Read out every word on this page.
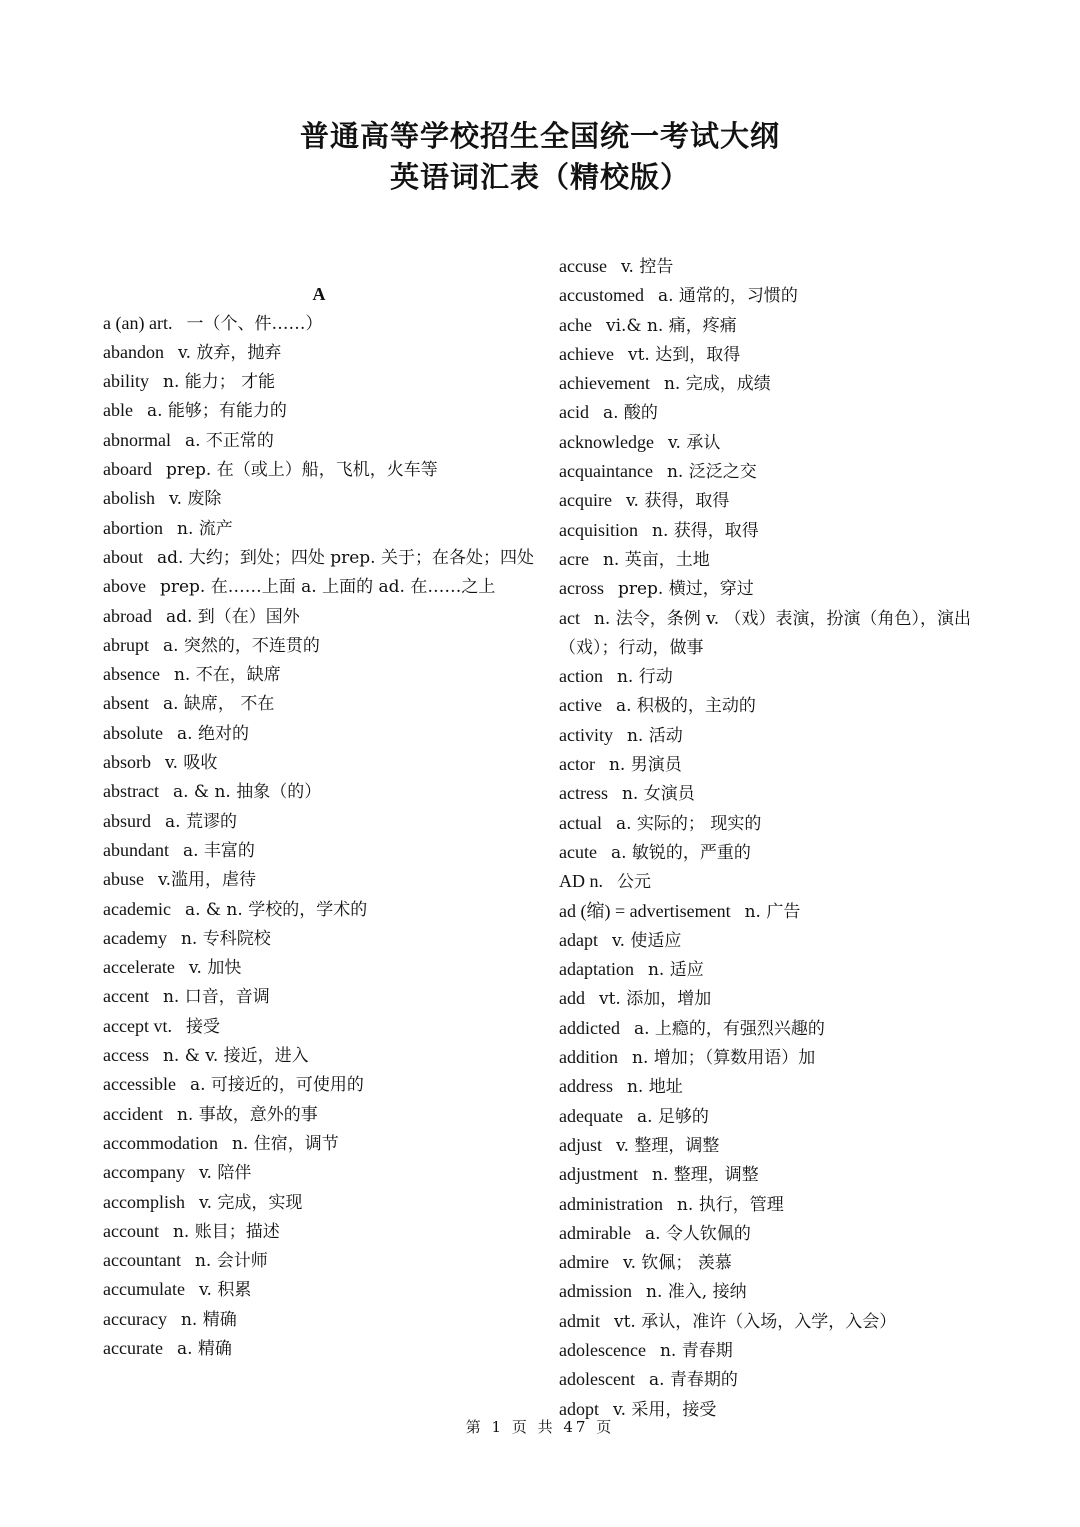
普通高等学校招生全国统一考试大纲
英语词汇表（精校版）
A
a (an) art. 一（个、件……）
abandon v. 放弃，抛弃
ability n. 能力； 才能
able a. 能够；有能力的
abnormal a. 不正常的
aboard prep. 在（或上）船，飞机，火车等
abolish v. 废除
abortion n. 流产
about ad. 大约；到处；四处 prep. 关于；在各处；四处
above prep. 在……上面 a. 上面的 ad. 在……之上
abroad ad. 到（在）国外
abrupt a. 突然的，不连贯的
absence n. 不在，缺席
absent a. 缺席， 不在
absolute a. 绝对的
absorb v. 吸收
abstract a. & n. 抽象（的）
absurd a. 荒谬的
abundant a. 丰富的
abuse v.滥用，虐待
academic a. & n. 学校的，学术的
academy n. 专科院校
accelerate v. 加快
accent n. 口音，音调
accept vt. 接受
access n. & v. 接近，进入
accessible a. 可接近的，可使用的
accident n. 事故，意外的事
accommodation n. 住宿，调节
accompany v. 陪伴
accomplish v. 完成，实现
account n. 账目；描述
accountant n. 会计师
accumulate v. 积累
accuracy n. 精确
accurate a. 精确
accuse v. 控告
accustomed a. 通常的，习惯的
ache vi.& n. 痛，疼痛
achieve vt. 达到，取得
achievement n. 完成，成绩
acid a. 酸的
acknowledge v. 承认
acquaintance n. 泛泛之交
acquire v. 获得，取得
acquisition n. 获得，取得
acre n. 英亩，土地
across prep. 横过，穿过
act n. 法令，条例 v. （戏）表演，扮演（角色），演出（戏）；行动，做事
action n. 行动
active a. 积极的，主动的
activity n. 活动
actor n. 男演员
actress n. 女演员
actual a. 实际的； 现实的
acute a. 敏锐的，严重的
AD n. 公元
ad (缩) = advertisement n. 广告
adapt v. 使适应
adaptation n. 适应
add vt. 添加，增加
addicted a. 上瘾的，有强烈兴趣的
addition n. 增加；（算数用语）加
address n. 地址
adequate a. 足够的
adjust v. 整理，调整
adjustment n. 整理，调整
administration n. 执行，管理
admirable a. 令人钦佩的
admire v. 钦佩； 羡慕
admission n. 准入, 接纳
admit vt. 承认，准许（入场，入学，入会）
adolescence n. 青春期
adolescent a. 青春期的
adopt v. 采用，接受
第 1 页 共 47 页
